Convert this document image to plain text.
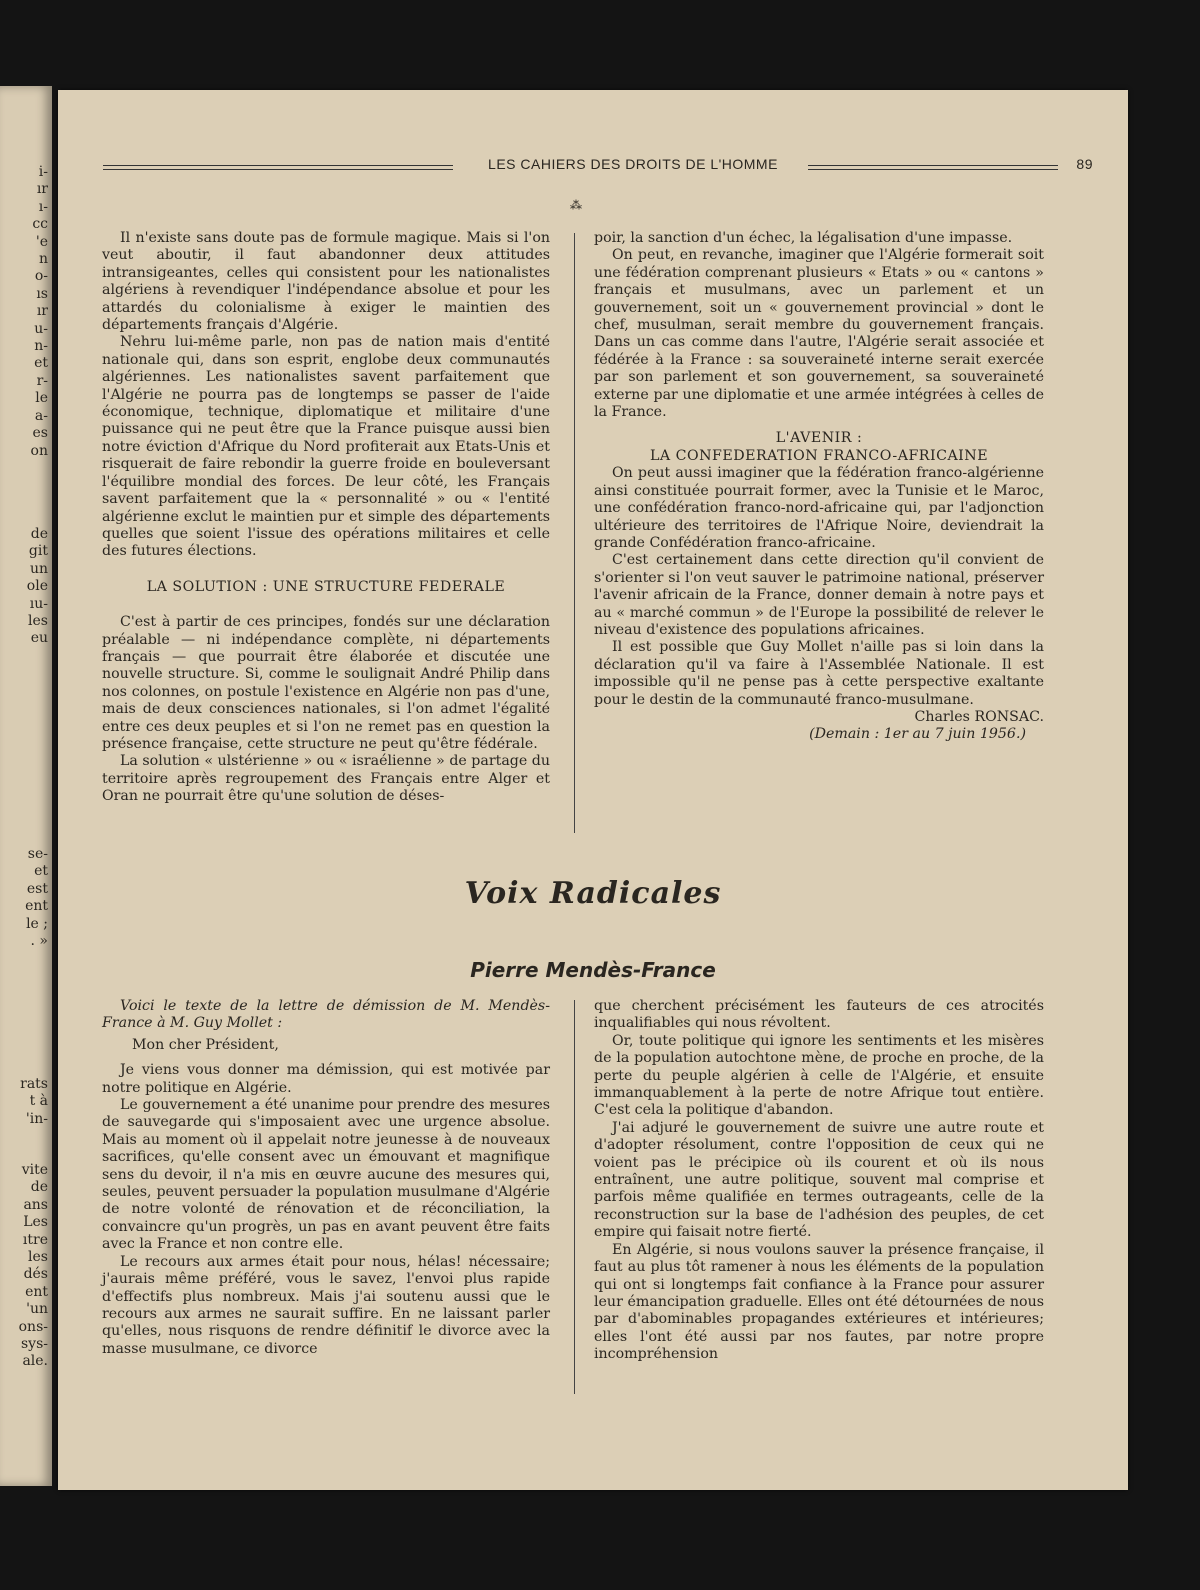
i-
ır
ı-
cc
'e
n
o-
ıs
ır
u-
n-
et
r-
le
a-
es
on
de
git
un
ole
ıu-
les
eu
se-
et
est
ent
le ;
. »
rats
t à
'in-
vite
de
ans
Les
ıtre
les
dés
ent
'un
ons-
sys-
ale.
LES CAHIERS DES DROITS DE L'HOMME	89
⁂

Il n'existe sans doute pas de formule magique. Mais si l'on veut aboutir, il faut abandonner deux attitudes intransigeantes, celles qui consistent pour les nationalistes algériens à revendiquer l'indépendance absolue et pour les attardés du colonialisme à exiger le maintien des départements français d'Algérie.

Nehru lui-même parle, non pas de nation mais d'entité nationale qui, dans son esprit, englobe deux communautés algériennes. Les nationalistes savent parfaitement que l'Algérie ne pourra pas de longtemps se passer de l'aide économique, technique, diplomatique et militaire d'une puissance qui ne peut être que la France puisque aussi bien notre éviction d'Afrique du Nord profiterait aux Etats-Unis et risquerait de faire rebondir la guerre froide en bouleversant l'équilibre mondial des forces. De leur côté, les Français savent parfaitement que la « personnalité » ou « l'entité algérienne exclut le maintien pur et simple des départements quelles que soient l'issue des opérations militaires et celle des futures élections.

LA SOLUTION : UNE STRUCTURE FEDERALE

C'est à partir de ces principes, fondés sur une déclaration préalable — ni indépendance complète, ni départements français — que pourrait être élaborée et discutée une nouvelle structure. Si, comme le soulignait André Philip dans nos colonnes, on postule l'existence en Algérie non pas d'une, mais de deux consciences nationales, si l'on admet l'égalité entre ces deux peuples et si l'on ne remet pas en question la présence française, cette structure ne peut qu'être fédérale.

La solution « ulstérienne » ou « israélienne » de partage du territoire après regroupement des Français entre Alger et Oran ne pourrait être qu'une solution de déses-

poir, la sanction d'un échec, la légalisation d'une impasse.

On peut, en revanche, imaginer que l'Algérie formerait soit une fédération comprenant plusieurs « Etats » ou « cantons » français et musulmans, avec un parlement et un gouvernement, soit un « gouvernement provincial » dont le chef, musulman, serait membre du gouvernement français. Dans un cas comme dans l'autre, l'Algérie serait associée et fédérée à la France : sa souveraineté interne serait exercée par son parlement et son gouvernement, sa souveraineté externe par une diplomatie et une armée intégrées à celles de la France.

L'AVENIR :
LA CONFEDERATION FRANCO-AFRICAINE

On peut aussi imaginer que la fédération franco-algérienne ainsi constituée pourrait former, avec la Tunisie et le Maroc, une confédération franco-nord-africaine qui, par l'adjonction ultérieure des territoires de l'Afrique Noire, deviendrait la grande Confédération franco-africaine.

C'est certainement dans cette direction qu'il convient de s'orienter si l'on veut sauver le patrimoine national, préserver l'avenir africain de la France, donner demain à notre pays et au « marché commun » de l'Europe la possibilité de relever le niveau d'existence des populations africaines.

Il est possible que Guy Mollet n'aille pas si loin dans la déclaration qu'il va faire à l'Assemblée Nationale. Il est impossible qu'il ne pense pas à cette perspective exaltante pour le destin de la communauté franco-musulmane.

Charles RONSAC.
(Demain : 1er au 7 juin 1956.)
Voix Radicales
Pierre Mendès-France

Voici le texte de la lettre de démission de M. Mendès-France à M. Guy Mollet :

Mon cher Président,

Je viens vous donner ma démission, qui est motivée par notre politique en Algérie.

Le gouvernement a été unanime pour prendre des mesures de sauvegarde qui s'imposaient avec une urgence absolue. Mais au moment où il appelait notre jeunesse à de nouveaux sacrifices, qu'elle consent avec un émouvant et magnifique sens du devoir, il n'a mis en œuvre aucune des mesures qui, seules, peuvent persuader la population musulmane d'Algérie de notre volonté de rénovation et de réconciliation, la convaincre qu'un progrès, un pas en avant peuvent être faits avec la France et non contre elle.

Le recours aux armes était pour nous, hélas! nécessaire; j'aurais même préféré, vous le savez, l'envoi plus rapide d'effectifs plus nombreux. Mais j'ai soutenu aussi que le recours aux armes ne saurait suffire. En ne laissant parler qu'elles, nous risquons de rendre définitif le divorce avec la masse musulmane, ce divorce

que cherchent précisément les fauteurs de ces atrocités inqualifiables qui nous révoltent.

Or, toute politique qui ignore les sentiments et les misères de la population autochtone mène, de proche en proche, de la perte du peuple algérien à celle de l'Algérie, et ensuite immanquablement à la perte de notre Afrique tout entière. C'est cela la politique d'abandon.

J'ai adjuré le gouvernement de suivre une autre route et d'adopter résolument, contre l'opposition de ceux qui ne voient pas le précipice où ils courent et où ils nous entraînent, une autre politique, souvent mal comprise et parfois même qualifiée en termes outrageants, celle de la reconstruction sur la base de l'adhésion des peuples, de cet empire qui faisait notre fierté.

En Algérie, si nous voulons sauver la présence française, il faut au plus tôt ramener à nous les éléments de la population qui ont si longtemps fait confiance à la France pour assurer leur émancipation graduelle. Elles ont été détournées de nous par d'abominables propagandes extérieures et intérieures; elles l'ont été aussi par nos fautes, par notre propre incompréhension
